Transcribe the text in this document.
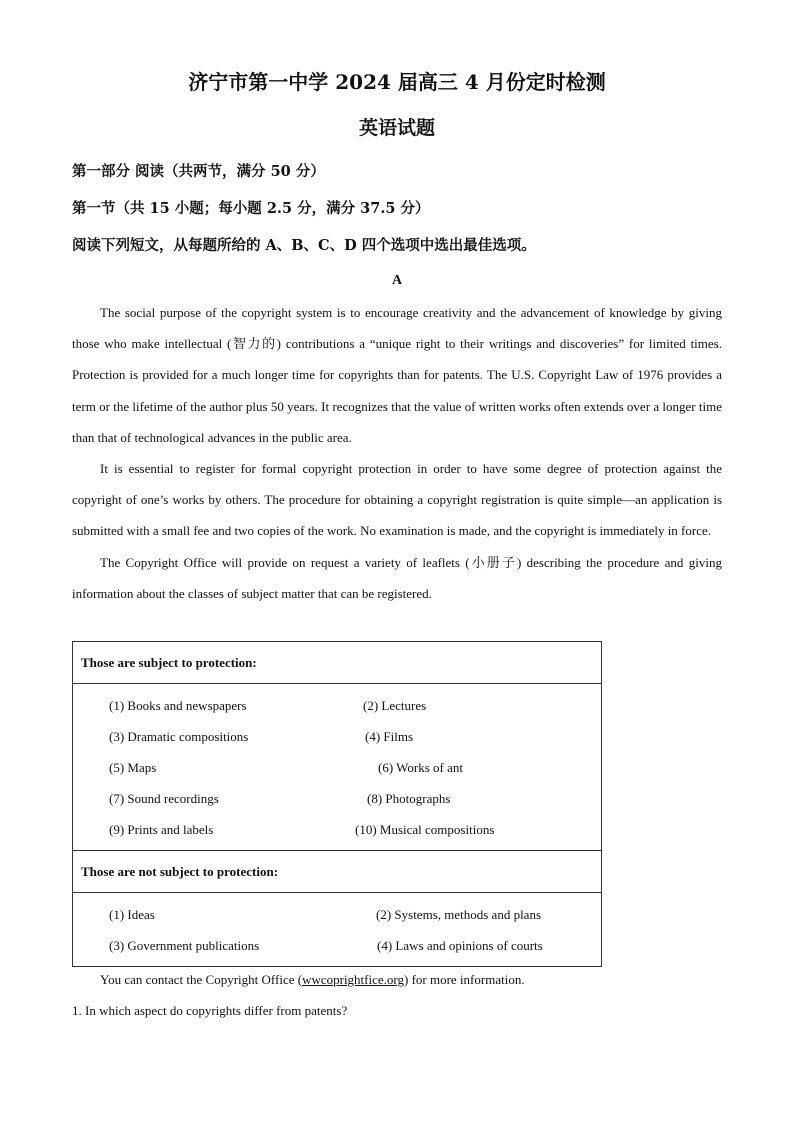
济宁市第一中学 2024 届高三 4 月份定时检测
英语试题
第一部分 阅读（共两节，满分 50 分）
第一节（共 15 小题；每小题 2.5 分，满分 37.5 分）
阅读下列短文，从每题所给的 A、B、C、D 四个选项中选出最佳选项。
A

The social purpose of the copyright system is to encourage creativity and the advancement of knowledge by giving those who make intellectual (智力的) contributions a “unique right to their writings and discoveries” for limited times. Protection is provided for a much longer time for copyrights than for patents. The U.S. Copyright Law of 1976 provides a term or the lifetime of the author plus 50 years. It recognizes that the value of written works often extends over a longer time than that of technological advances in the public area.

It is essential to register for formal copyright protection in order to have some degree of protection against the copyright of one’s works by others. The procedure for obtaining a copyright registration is quite simple—an application is submitted with a small fee and two copies of the work. No examination is made, and the copyright is immediately in force.

The Copyright Office will provide on request a variety of leaflets (小册子) describing the procedure and giving information about the classes of subject matter that can be registered.

Those are subject to protection:
(1) Books and newspapers	(2) Lectures
(3) Dramatic compositions	(4) Films
(5) Maps	(6) Works of ant
(7) Sound recordings	(8) Photographs
(9) Prints and labels	(10) Musical compositions
Those are not subject to protection:
(1) Ideas	(2) Systems, methods and plans
(3) Government publications	(4) Laws and opinions of courts
You can contact the Copyright Office (wwcoprightfice.org) for more information.
1. In which aspect do copyrights differ from patents?
